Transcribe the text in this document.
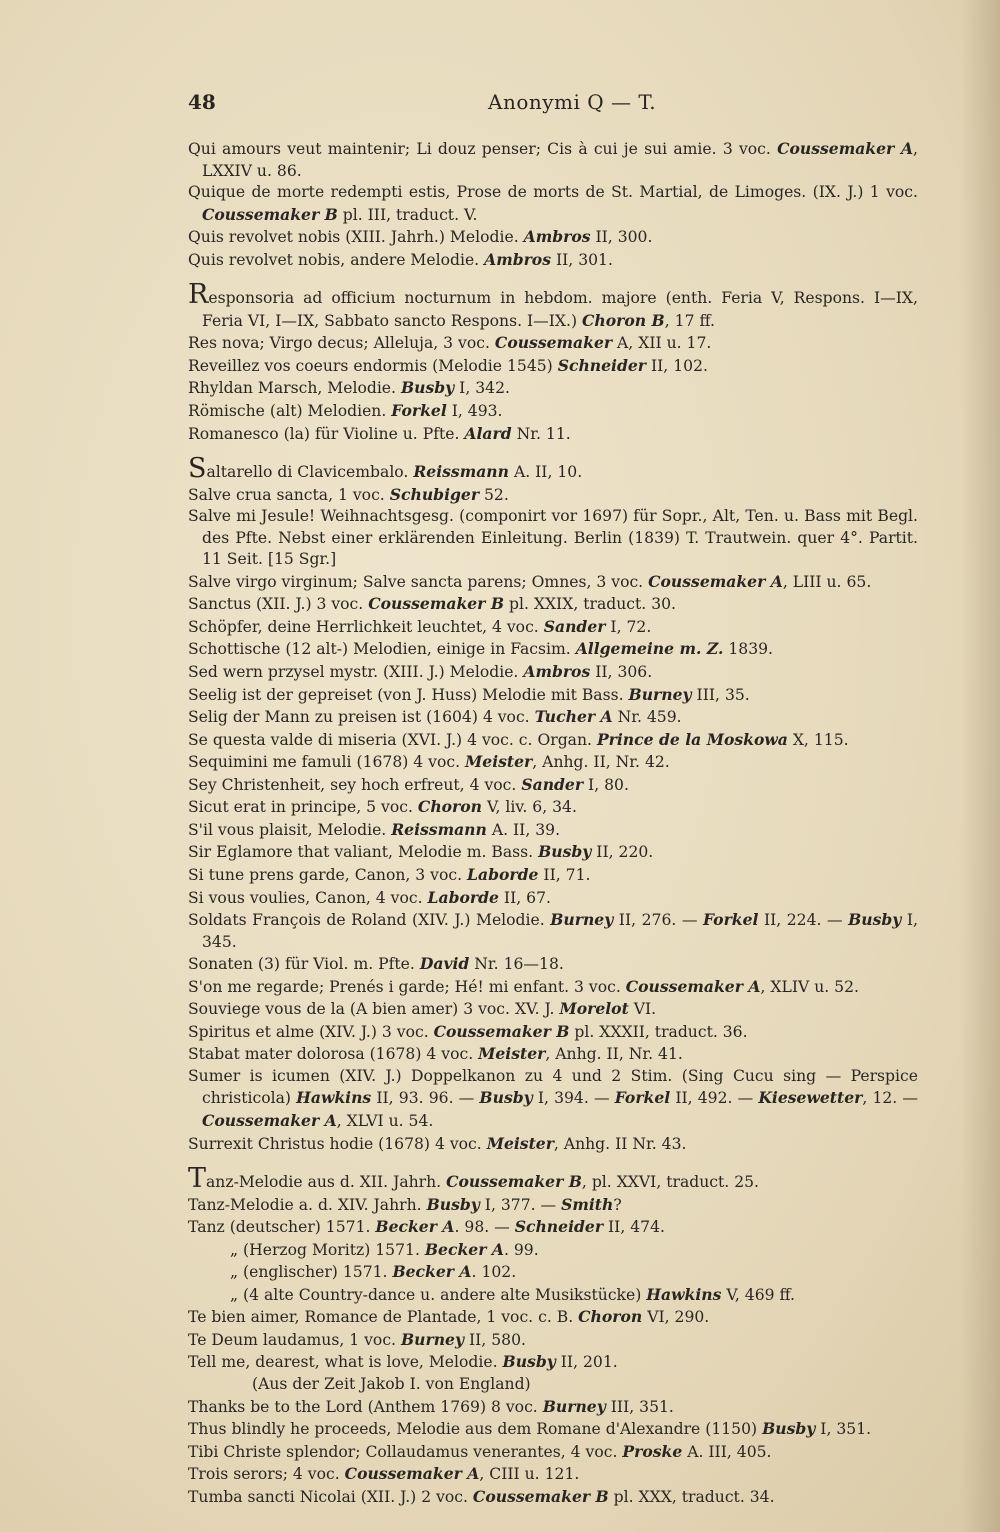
48	Anonymi Q — T.
Qui amours veut maintenir; Li douz penser; Cis à cui je sui amie. 3 voc. Coussemaker A, LXXIV u. 86.
Quique de morte redempti estis, Prose de morts de St. Martial, de Limoges. (IX. J.) 1 voc. Coussemaker B pl. III, traduct. V.
Quis revolvet nobis (XIII. Jahrh.) Melodie. Ambros II, 300.
Quis revolvet nobis, andere Melodie. Ambros II, 301.
Responsoria ad officium nocturnum in hebdom. majore (enth. Feria V, Respons. I—IX, Feria VI, I—IX, Sabbato sancto Respons. I—IX.) Choron B, 17 ff.
Res nova; Virgo decus; Alleluja, 3 voc. Coussemaker A, XII u. 17.
Reveillez vos coeurs endormis (Melodie 1545) Schneider II, 102.
Rhyldan Marsch, Melodie. Busby I, 342.
Römische (alt) Melodien. Forkel I, 493.
Romanesco (la) für Violine u. Pfte. Alard Nr. 11.
Saltarello di Clavicembalo. Reissmann A. II, 10.
Salve crua sancta, 1 voc. Schubiger 52.
Salve mi Jesule! Weihnachtsgesg. (componirt vor 1697) für Sopr., Alt, Ten. u. Bass mit Begl. des Pfte. Nebst einer erklärenden Einleitung. Berlin (1839) T. Trautwein. quer 4°. Partit. 11 Seit. [15 Sgr.]
Salve virgo virginum; Salve sancta parens; Omnes, 3 voc. Coussemaker A, LIII u. 65.
Sanctus (XII. J.) 3 voc. Coussemaker B pl. XXIX, traduct. 30.
Schöpfer, deine Herrlichkeit leuchtet, 4 voc. Sander I, 72.
Schottische (12 alt-) Melodien, einige in Facsim. Allgemeine m. Z. 1839.
Sed wern przysel mystr. (XIII. J.) Melodie. Ambros II, 306.
Seelig ist der gepreiset (von J. Huss) Melodie mit Bass. Burney III, 35.
Selig der Mann zu preisen ist (1604) 4 voc. Tucher A Nr. 459.
Se questa valde di miseria (XVI. J.) 4 voc. c. Organ. Prince de la Moskowa X, 115.
Sequimini me famuli (1678) 4 voc. Meister, Anhg. II, Nr. 42.
Sey Christenheit, sey hoch erfreut, 4 voc. Sander I, 80.
Sicut erat in principe, 5 voc. Choron V, liv. 6, 34.
S'il vous plaisit, Melodie. Reissmann A. II, 39.
Sir Eglamore that valiant, Melodie m. Bass. Busby II, 220.
Si tune prens garde, Canon, 3 voc. Laborde II, 71.
Si vous voulies, Canon, 4 voc. Laborde II, 67.
Soldats François de Roland (XIV. J.) Melodie. Burney II, 276. — Forkel II, 224. — Busby I, 345.
Sonaten (3) für Viol. m. Pfte. David Nr. 16—18.
S'on me regarde; Prenés i garde; Hé! mi enfant. 3 voc. Coussemaker A, XLIV u. 52.
Souviege vous de la (A bien amer) 3 voc. XV. J. Morelot VI.
Spiritus et alme (XIV. J.) 3 voc. Coussemaker B pl. XXXII, traduct. 36.
Stabat mater dolorosa (1678) 4 voc. Meister, Anhg. II, Nr. 41.
Sumer is icumen (XIV. J.) Doppelkanon zu 4 und 2 Stim. (Sing Cucu sing — Perspice christicola) Hawkins II, 93. 96. — Busby I, 394. — Forkel II, 492. — Kiesewetter, 12. — Coussemaker A, XLVI u. 54.
Surrexit Christus hodie (1678) 4 voc. Meister, Anhg. II Nr. 43.
Tanz-Melodie aus d. XII. Jahrh. Coussemaker B, pl. XXVI, traduct. 25.
Tanz-Melodie a. d. XIV. Jahrh. Busby I, 377. — Smith?
Tanz (deutscher) 1571. Becker A. 98. — Schneider II, 474.
„ (Herzog Moritz) 1571. Becker A. 99.
„ (englischer) 1571. Becker A. 102.
„ (4 alte Country-dance u. andere alte Musikstücke) Hawkins V, 469 ff.
Te bien aimer, Romance de Plantade, 1 voc. c. B. Choron VI, 290.
Te Deum laudamus, 1 voc. Burney II, 580.
Tell me, dearest, what is love, Melodie. Busby II, 201.
(Aus der Zeit Jakob I. von England)
Thanks be to the Lord (Anthem 1769) 8 voc. Burney III, 351.
Thus blindly he proceeds, Melodie aus dem Romane d'Alexandre (1150) Busby I, 351.
Tibi Christe splendor; Collaudamus venerantes, 4 voc. Proske A. III, 405.
Trois serors; 4 voc. Coussemaker A, CIII u. 121.
Tumba sancti Nicolai (XII. J.) 2 voc. Coussemaker B pl. XXX, traduct. 34.
